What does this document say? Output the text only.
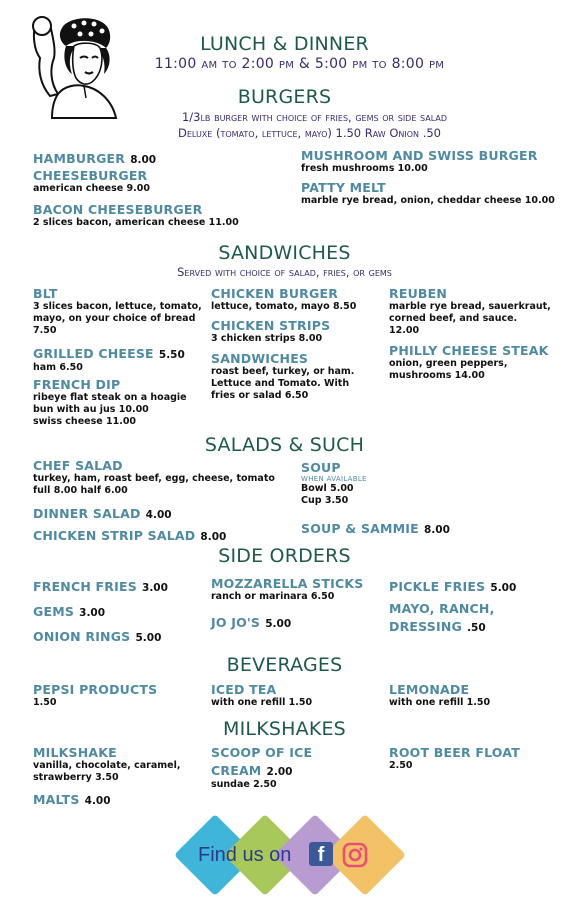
LUNCH & DINNER
11:00 am to 2:00 pm & 5:00 pm to 8:00 pm
BURGERS
1/3lb burger with choice of fries, gems or side salad
Deluxe (tomato, lettuce, mayo) 1.50 Raw Onion .50
HAMBURGER 8.00
CHEESEBURGER
american cheese 9.00
BACON CHEESEBURGER
2 slices bacon, american cheese 11.00
MUSHROOM AND SWISS BURGER
fresh mushrooms 10.00
PATTY MELT
marble rye bread, onion, cheddar cheese 10.00
SANDWICHES
Served with choice of salad, fries, or gems
BLT
3 slices bacon, lettuce, tomato,
mayo, on your choice of bread
7.50
GRILLED CHEESE 5.50
ham 6.50
FRENCH DIP
ribeye flat steak on a hoagie
bun with au jus 10.00
swiss cheese 11.00
CHICKEN BURGER
lettuce, tomato, mayo 8.50
CHICKEN STRIPS
3 chicken strips 8.00
SANDWICHES
roast beef, turkey, or ham.
Lettuce and Tomato. With
fries or salad 6.50
REUBEN
marble rye bread, sauerkraut,
corned beef, and sauce.
12.00
PHILLY CHEESE STEAK
onion, green peppers,
mushrooms 14.00
SALADS & SUCH
CHEF SALAD
turkey, ham, roast beef, egg, cheese, tomato
full 8.00 half 6.00
DINNER SALAD 4.00
CHICKEN STRIP SALAD 8.00
SOUP
WHEN AVAILABLE
Bowl 5.00
Cup 3.50
SOUP & SAMMIE 8.00
SIDE ORDERS
FRENCH FRIES 3.00
GEMS 3.00
ONION RINGS 5.00
MOZZARELLA STICKS
ranch or marinara 6.50
JO JO'S 5.00
PICKLE FRIES 5.00
MAYO, RANCH,
DRESSING .50
BEVERAGES
PEPSI PRODUCTS
1.50
ICED TEA
with one refill 1.50
LEMONADE
with one refill 1.50
MILKSHAKES
MILKSHAKE
vanilla, chocolate, caramel,
strawberry 3.50
MALTS 4.00
SCOOP OF ICE
CREAM 2.00
sundae 2.50
ROOT BEER FLOAT
2.50
Find us on	f
